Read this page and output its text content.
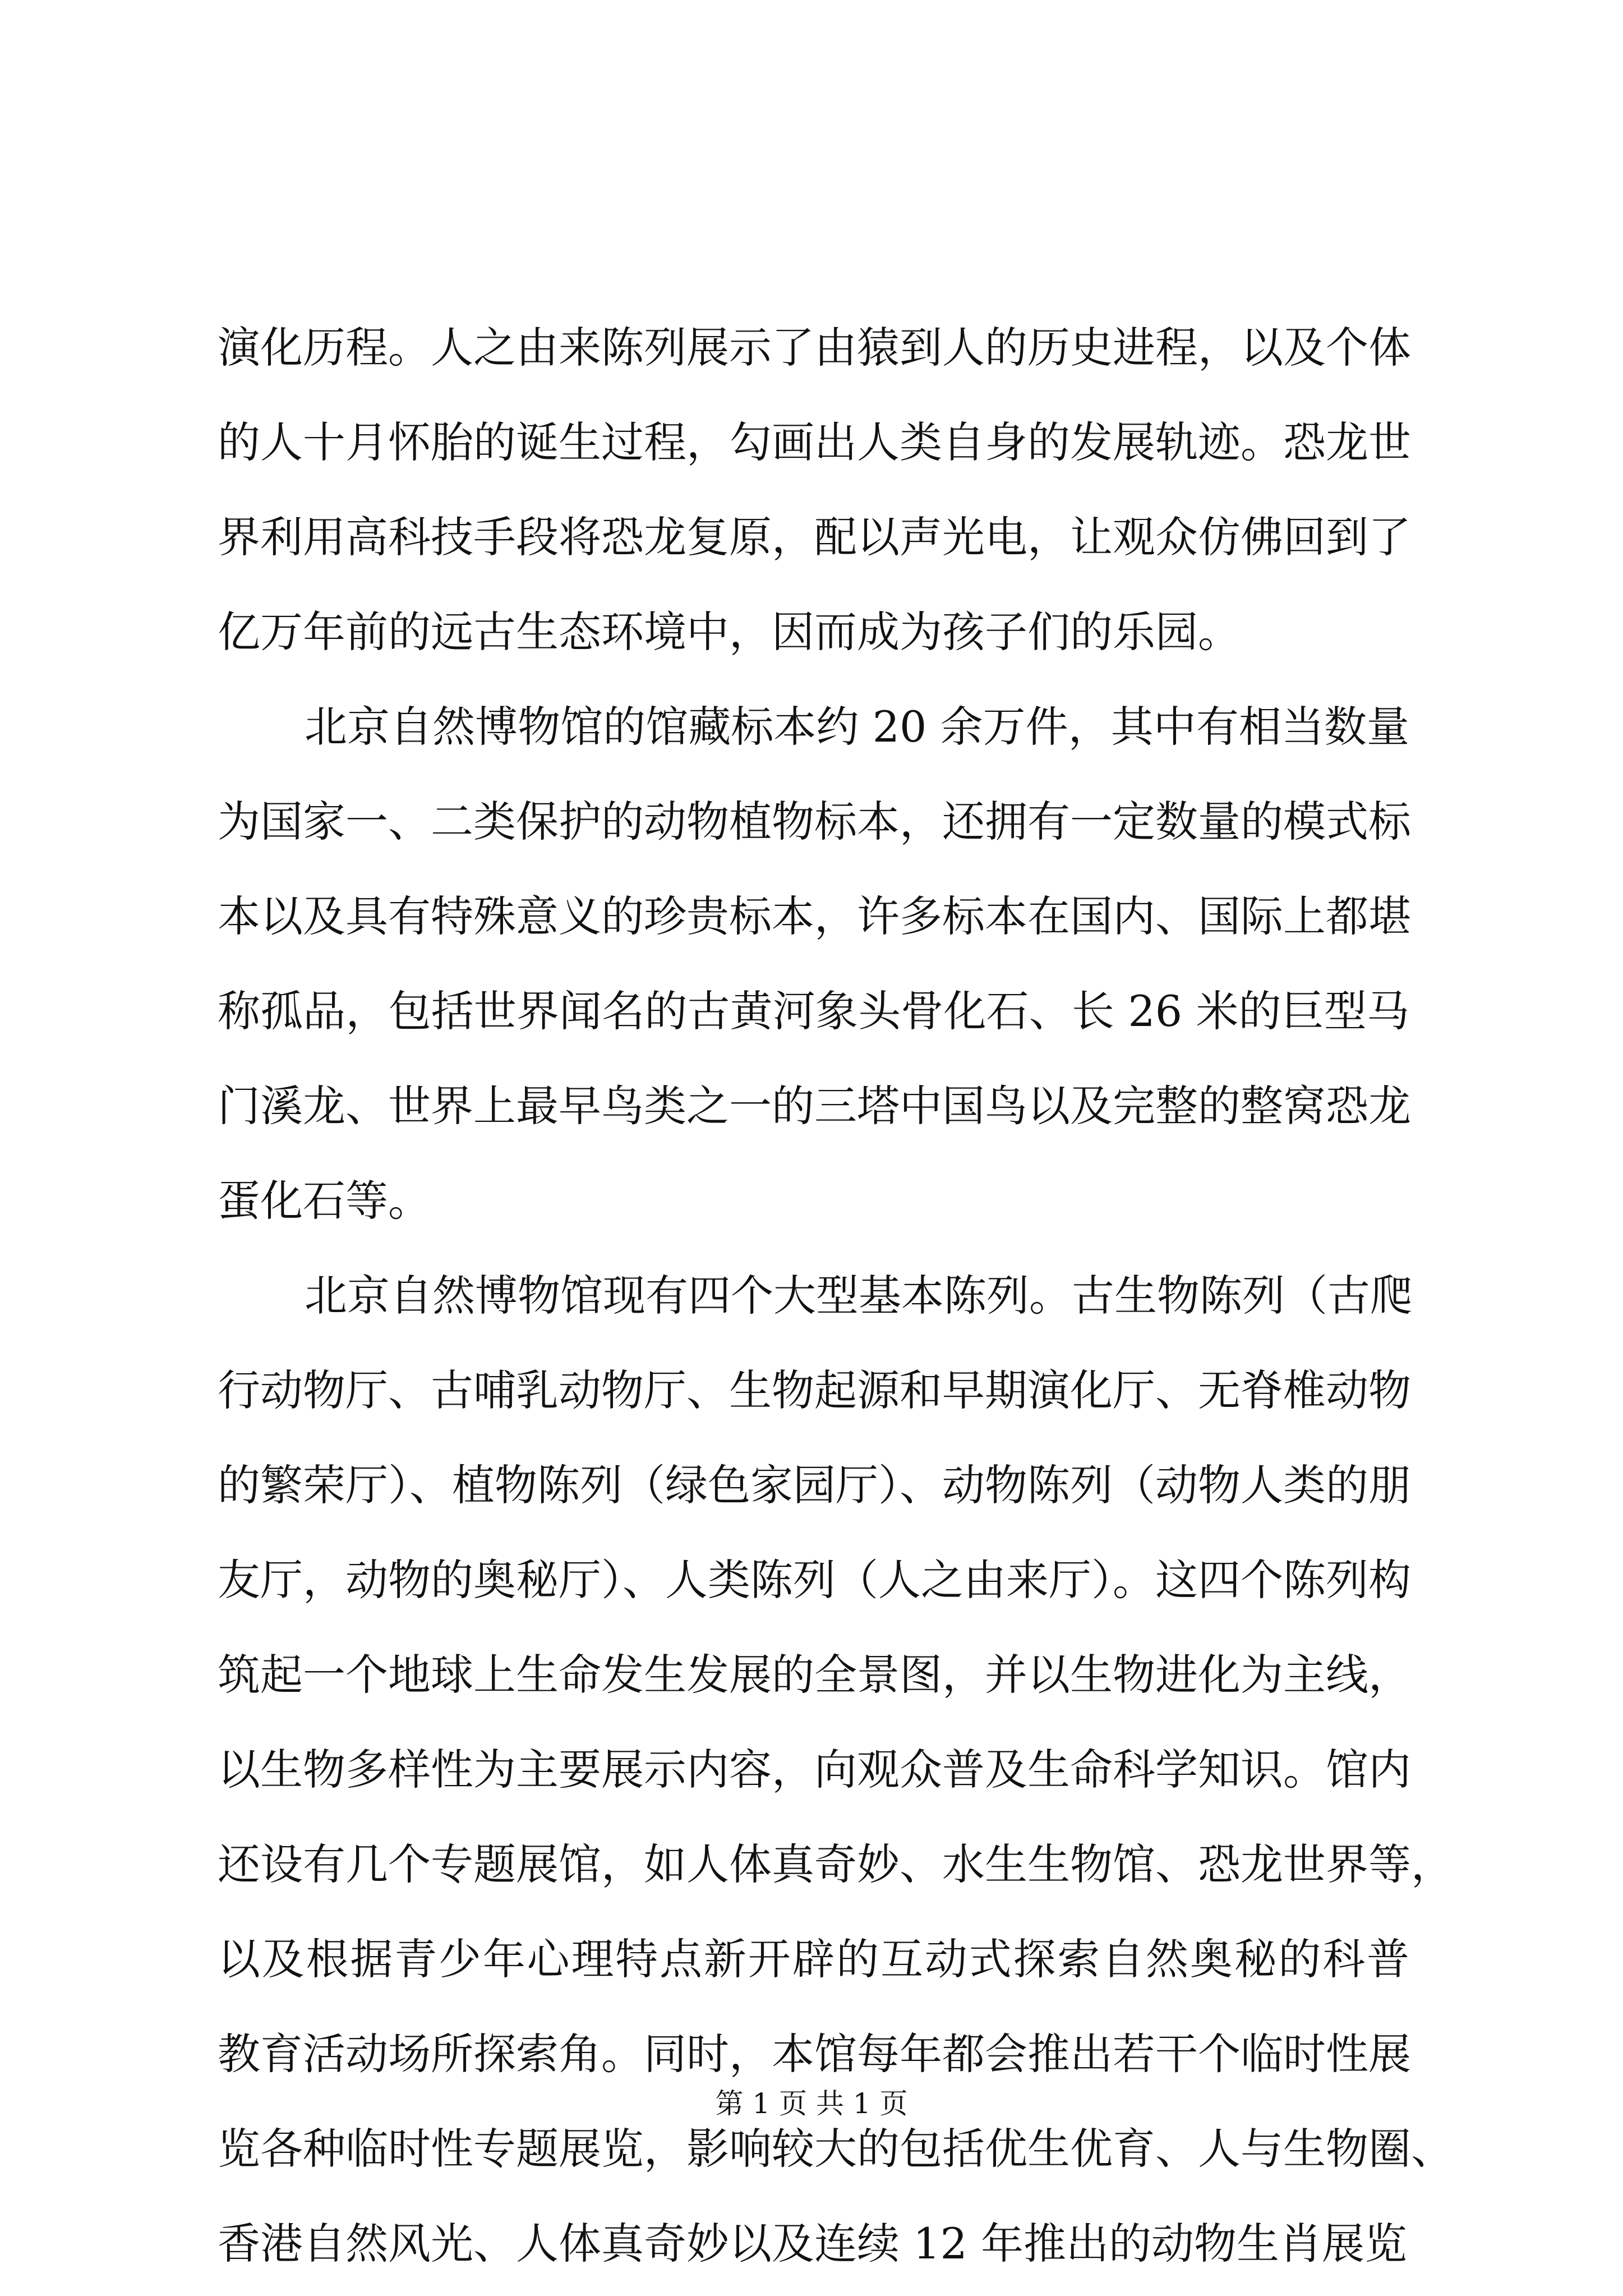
演化历程。人之由来陈列展示了由猿到人的历史进程，以及个体
的人十月怀胎的诞生过程，勾画出人类自身的发展轨迹。恐龙世
界利用高科技手段将恐龙复原，配以声光电，让观众仿佛回到了
亿万年前的远古生态环境中，因而成为孩子们的乐园。
北京自然博物馆的馆藏标本约 20 余万件，其中有相当数量
为国家一、二类保护的动物植物标本，还拥有一定数量的模式标
本以及具有特殊意义的珍贵标本，许多标本在国内、国际上都堪
称孤品，包括世界闻名的古黄河象头骨化石、长 26 米的巨型马
门溪龙、世界上最早鸟类之一的三塔中国鸟以及完整的整窝恐龙
蛋化石等。
北京自然博物馆现有四个大型基本陈列。古生物陈列（古爬
行动物厅、古哺乳动物厅、生物起源和早期演化厅、无脊椎动物
的繁荣厅）、植物陈列（绿色家园厅）、动物陈列（动物人类的朋
友厅，动物的奥秘厅）、人类陈列（人之由来厅）。这四个陈列构
筑起一个地球上生命发生发展的全景图，并以生物进化为主线，
以生物多样性为主要展示内容，向观众普及生命科学知识。馆内
还设有几个专题展馆，如人体真奇妙、水生生物馆、恐龙世界等，
以及根据青少年心理特点新开辟的互动式探索自然奥秘的科普
教育活动场所探索角。同时，本馆每年都会推出若干个临时性展
览各种临时性专题展览，影响较大的包括优生优育、人与生物圈、
香港自然风光、人体真奇妙以及连续 12 年推出的动物生肖展览
第 1 页 共 1 页
